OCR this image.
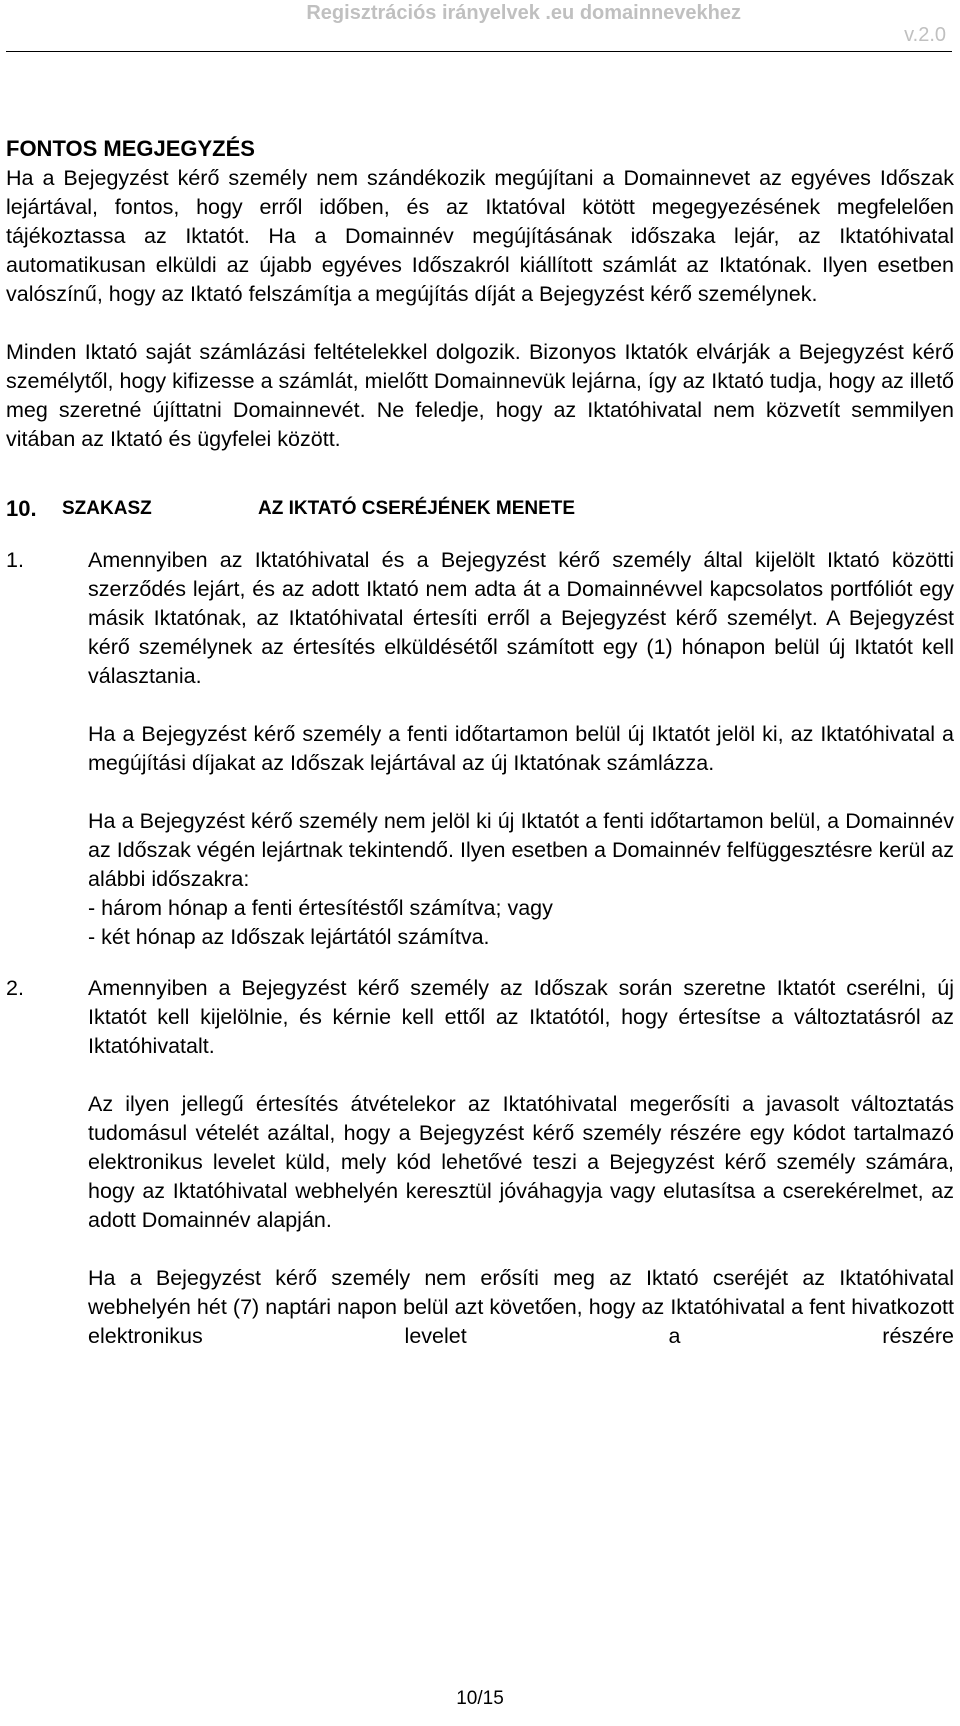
Regisztrációs irányelvek .eu domainnevekhez
v.2.0
FONTOS MEGJEGYZÉS

Ha a Bejegyzést kérő személy nem szándékozik megújítani a Domainnevet az egyéves Időszak lejártával, fontos, hogy erről időben, és az Iktatóval kötött megegyezésének megfelelően tájékoztassa az Iktatót. Ha a Domainnév megújításának időszaka lejár, az Iktatóhivatal automatikusan elküldi az újabb egyéves Időszakról kiállított számlát az Iktatónak. Ilyen esetben valószínű, hogy az Iktató felszámítja a megújítás díját a Bejegyzést kérő személynek.

Minden Iktató saját számlázási feltételekkel dolgozik. Bizonyos Iktatók elvárják a Bejegyzést kérő személytől, hogy kifizesse a számlát, mielőtt Domainnevük lejárna, így az Iktató tudja, hogy az illető meg szeretné újíttatni Domainnevét. Ne feledje, hogy az Iktatóhivatal nem közvetít semmilyen vitában az Iktató és ügyfelei között.

10.	SZAKASZ	AZ IKTATÓ CSERÉJÉNEK MENETE
1.	Amennyiben az Iktatóhivatal és a Bejegyzést kérő személy által kijelölt Iktató közötti szerződés lejárt, és az adott Iktató nem adta át a Domainnévvel kapcsolatos portfóliót egy másik Iktatónak, az Iktatóhivatal értesíti erről a Bejegyzést kérő személyt. A Bejegyzést kérő személynek az értesítés elküldésétől számított egy (1) hónapon belül új Iktatót kell választania.

Ha a Bejegyzést kérő személy a fenti időtartamon belül új Iktatót jelöl ki, az Iktatóhivatal a megújítási díjakat az Időszak lejártával az új Iktatónak számlázza.

Ha a Bejegyzést kérő személy nem jelöl ki új Iktatót a fenti időtartamon belül, a Domainnév az Időszak végén lejártnak tekintendő. Ilyen esetben a Domainnév felfüggesztésre kerül az alábbi időszakra:

- három hónap a fenti értesítéstől számítva; vagy

- két hónap az Időszak lejártától számítva.

2.	Amennyiben a Bejegyzést kérő személy az Időszak során szeretne Iktatót cserélni, új Iktatót kell kijelölnie, és kérnie kell ettől az Iktatótól, hogy értesítse a változtatásról az Iktatóhivatalt.

Az ilyen jellegű értesítés átvételekor az Iktatóhivatal megerősíti a javasolt változtatás tudomásul vételét azáltal, hogy a Bejegyzést kérő személy részére egy kódot tartalmazó elektronikus levelet küld, mely kód lehetővé teszi a Bejegyzést kérő személy számára, hogy az Iktatóhivatal webhelyén keresztül jóváhagyja vagy elutasítsa a cserekérelmet, az adott Domainnév alapján.

Ha a Bejegyzést kérő személy nem erősíti meg az Iktató cseréjét az Iktatóhivatal webhelyén hét (7) naptári napon belül azt követően, hogy az Iktatóhivatal a fent hivatkozott elektronikus levelet a részére

10/15
